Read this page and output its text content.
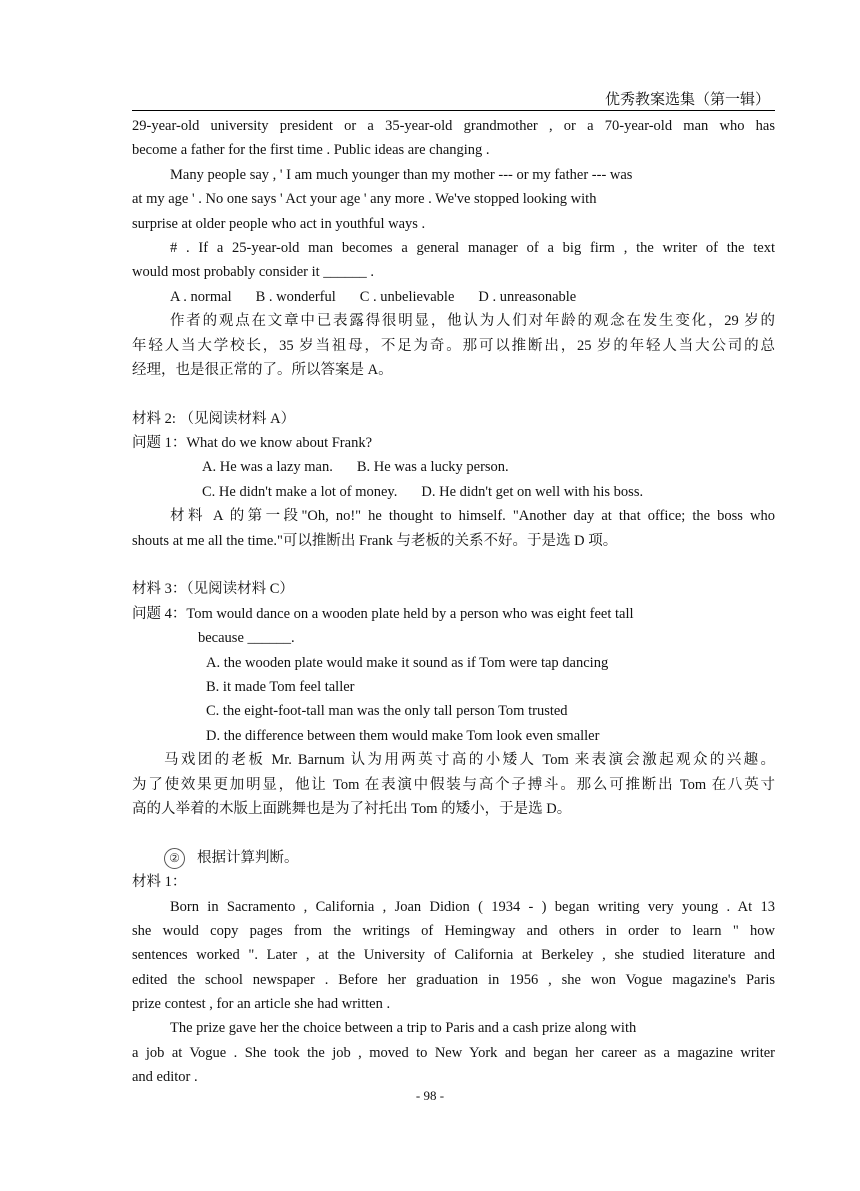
优秀教案选集（第一辑）
29-year-old university president or a 35-year-old grandmother , or a 70-year-old man who has
become a father for the first time . Public ideas are changing .
Many people say , ' I am much younger than my mother --- or my father --- was
at my age ' . No one says ' Act your age ' any more . We've stopped looking with
surprise at older people who act in youthful ways .
# . If a 25-year-old man becomes a general manager of a big firm , the writer of the text
would most probably consider it ______ .
A . normal B . wonderful C . unbelievable D . unreasonable
作者的观点在文章中已表露得很明显，他认为人们对年龄的观念在发生变化，29 岁的
年轻人当大学校长，35 岁当祖母，不足为奇。那可以推断出，25 岁的年轻人当大公司的总
经理，也是很正常的了。所以答案是 A。
材料 2: （见阅读材料 A）
问题 1：What do we know about Frank?
A. He was a lazy man. B. He was a lucky person.
C. He didn't make a lot of money. D. He didn't get on well with his boss.
材料 A 的第一段"Oh, no!" he thought to himself. "Another day at that office; the boss who
shouts at me all the time."可以推断出 Frank 与老板的关系不好。于是选 D 项。
材料 3：（见阅读材料 C）
问题 4：Tom would dance on a wooden plate held by a person who was eight feet tall
because ______.
A. the wooden plate would make it sound as if Tom were tap dancing
B. it made Tom feel taller
C. the eight-foot-tall man was the only tall person Tom trusted
D. the difference between them would make Tom look even smaller
马戏团的老板 Mr. Barnum 认为用两英寸高的小矮人 Tom 来表演会激起观众的兴趣。
为了使效果更加明显，他让 Tom 在表演中假装与高个子搏斗。那么可推断出 Tom 在八英寸
高的人举着的木版上面跳舞也是为了衬托出 Tom 的矮小，于是选 D。
② 根据计算判断。
材料 1：
Born in Sacramento , California , Joan Didion ( 1934 - ) began writing very young . At 13
she would copy pages from the writings of Hemingway and others in order to learn " how
sentences worked ". Later , at the University of California at Berkeley , she studied literature and
edited the school newspaper . Before her graduation in 1956 , she won Vogue magazine's Paris
prize contest , for an article she had written .
The prize gave her the choice between a trip to Paris and a cash prize along with
a job at Vogue . She took the job , moved to New York and began her career as a magazine writer
and editor .
- 98 -
